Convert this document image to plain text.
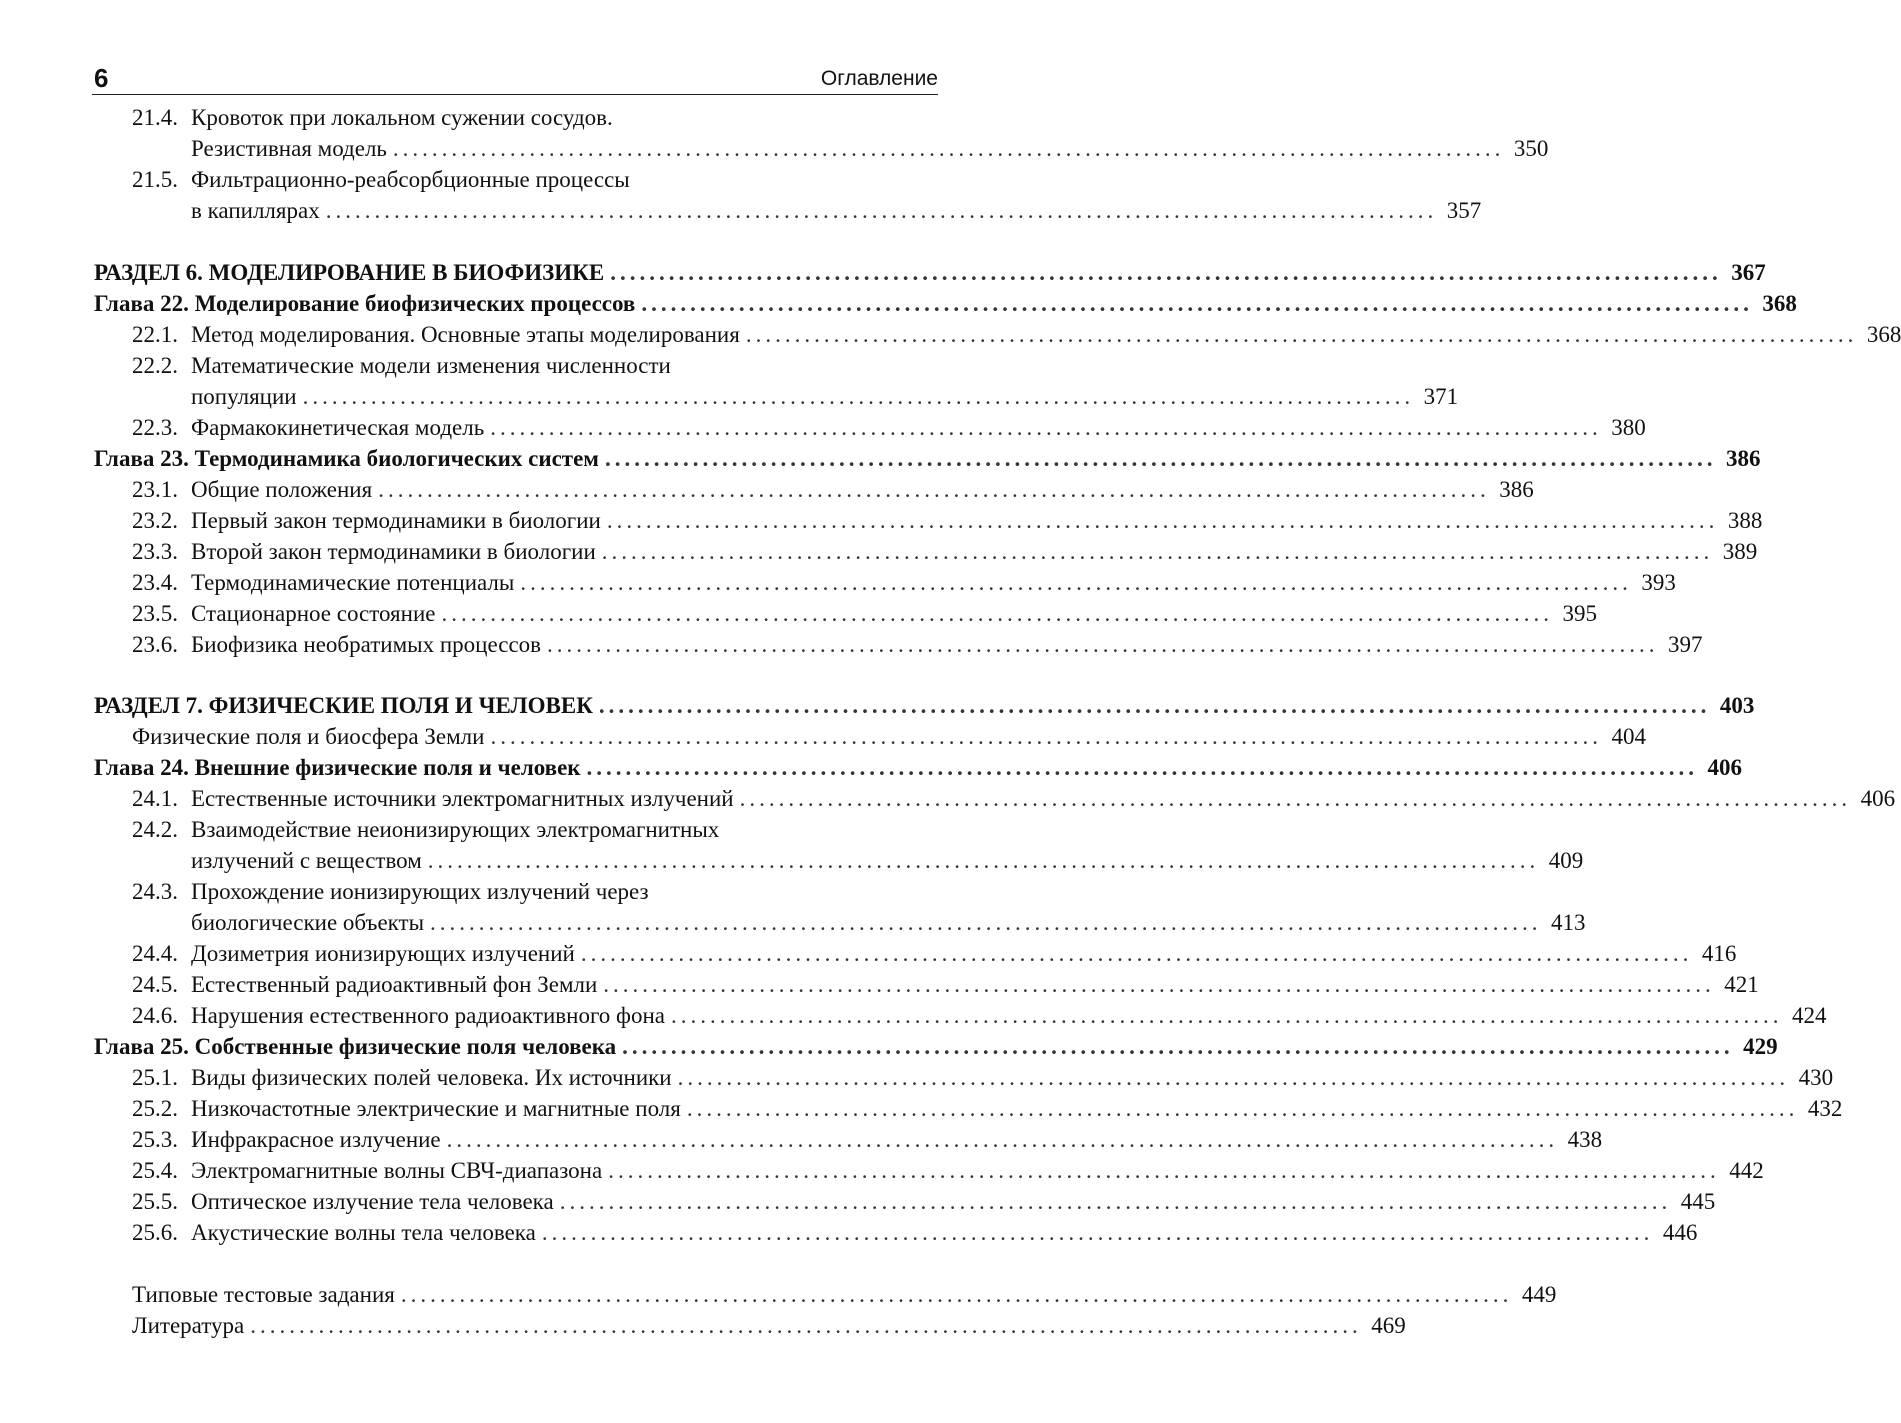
6	Оглавление
21.4. Кровоток при локальном сужении сосудов.
Резистивная модель .................................................................................................................. 350
21.5. Фильтрационно-реабсорбционные процессы
в капиллярах .................................................................................................................. 357
РАЗДЕЛ 6. МОДЕЛИРОВАНИЕ В БИОФИЗИКЕ .................................................................................................................. 367
Глава 22. Моделирование биофизических процессов .................................................................................................................. 368
22.1. Метод моделирования. Основные этапы моделирования .................................................................................................................. 368
22.2. Математические модели изменения численности
популяции .................................................................................................................. 371
22.3. Фармакокинетическая модель .................................................................................................................. 380
Глава 23. Термодинамика биологических систем .................................................................................................................. 386
23.1. Общие положения .................................................................................................................. 386
23.2. Первый закон термодинамики в биологии .................................................................................................................. 388
23.3. Второй закон термодинамики в биологии .................................................................................................................. 389
23.4. Термодинамические потенциалы .................................................................................................................. 393
23.5. Стационарное состояние .................................................................................................................. 395
23.6. Биофизика необратимых процессов .................................................................................................................. 397
РАЗДЕЛ 7. ФИЗИЧЕСКИЕ ПОЛЯ И ЧЕЛОВЕК .................................................................................................................. 403
Физические поля и биосфера Земли .................................................................................................................. 404
Глава 24. Внешние физические поля и человек .................................................................................................................. 406
24.1. Естественные источники электромагнитных излучений .................................................................................................................. 406
24.2. Взаимодействие неионизирующих электромагнитных
излучений с веществом .................................................................................................................. 409
24.3. Прохождение ионизирующих излучений через
биологические объекты .................................................................................................................. 413
24.4. Дозиметрия ионизирующих излучений .................................................................................................................. 416
24.5. Естественный радиоактивный фон Земли .................................................................................................................. 421
24.6. Нарушения естественного радиоактивного фона .................................................................................................................. 424
Глава 25. Собственные физические поля человека .................................................................................................................. 429
25.1. Виды физических полей человека. Их источники .................................................................................................................. 430
25.2. Низкочастотные электрические и магнитные поля .................................................................................................................. 432
25.3. Инфракрасное излучение .................................................................................................................. 438
25.4. Электромагнитные волны СВЧ-диапазона .................................................................................................................. 442
25.5. Оптическое излучение тела человека .................................................................................................................. 445
25.6. Акустические волны тела человека .................................................................................................................. 446
Типовые тестовые задания .................................................................................................................. 449
Литература .................................................................................................................. 469
